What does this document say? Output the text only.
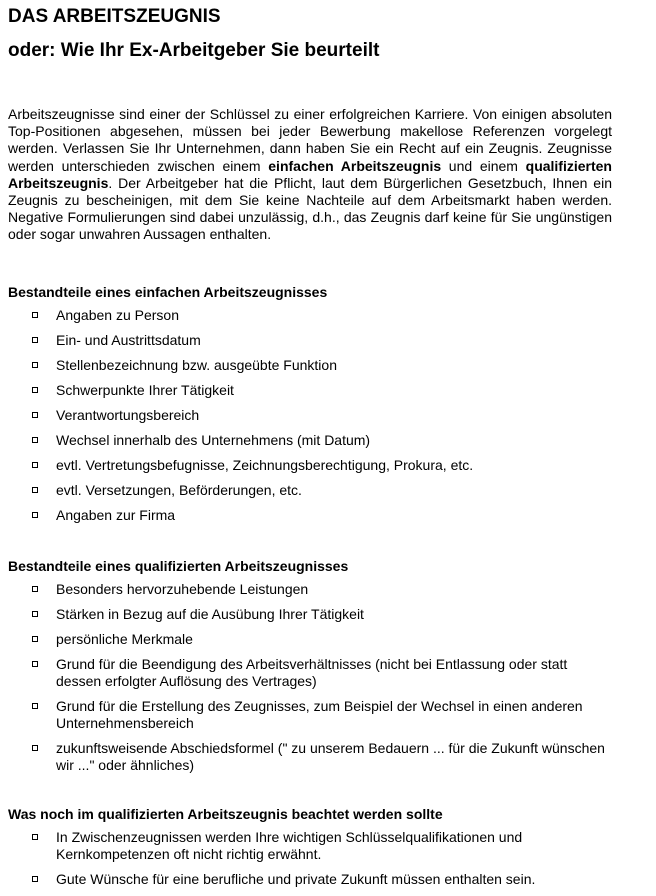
DAS ARBEITSZEUGNIS
oder: Wie Ihr Ex-Arbeitgeber Sie beurteilt

Arbeitszeugnisse sind einer der Schlüssel zu einer erfolgreichen Karriere. Von einigen absoluten Top-Positionen abgesehen, müssen bei jeder Bewerbung makellose Referenzen vorgelegt werden. Verlassen Sie Ihr Unternehmen, dann haben Sie ein Recht auf ein Zeugnis. Zeugnisse werden unterschieden zwischen einem einfachen Arbeitszeugnis und einem qualifizierten Arbeitszeugnis. Der Arbeitgeber hat die Pflicht, laut dem Bürgerlichen Gesetzbuch, Ihnen ein Zeugnis zu bescheinigen, mit dem Sie keine Nachteile auf dem Arbeitsmarkt haben werden. Negative Formulierungen sind dabei unzulässig, d.h., das Zeugnis darf keine für Sie ungünstigen oder sogar unwahren Aussagen enthalten.

Bestandteile eines einfachen Arbeitszeugnisses
Angaben zu Person
Ein- und Austrittsdatum
Stellenbezeichnung bzw. ausgeübte Funktion
Schwerpunkte Ihrer Tätigkeit
Verantwortungsbereich
Wechsel innerhalb des Unternehmens (mit Datum)
evtl. Vertretungsbefugnisse, Zeichnungsberechtigung, Prokura, etc.
evtl. Versetzungen, Beförderungen, etc.
Angaben zur Firma
Bestandteile eines qualifizierten Arbeitszeugnisses
Besonders hervorzuhebende Leistungen
Stärken in Bezug auf die Ausübung Ihrer Tätigkeit
persönliche Merkmale
Grund für die Beendigung des Arbeitsverhältnisses (nicht bei Entlassung oder statt dessen erfolgter Auflösung des Vertrages)
Grund für die Erstellung des Zeugnisses, zum Beispiel der Wechsel in einen anderen Unternehmensbereich
zukunftsweisende Abschiedsformel (" zu unserem Bedauern ... für die Zukunft wünschen wir ..." oder ähnliches)
Was noch im qualifizierten Arbeitszeugnis beachtet werden sollte
In Zwischenzeugnissen werden Ihre wichtigen Schlüsselqualifikationen und Kernkompetenzen oft nicht richtig erwähnt.
Gute Wünsche für eine berufliche und private Zukunft müssen enthalten sein.
